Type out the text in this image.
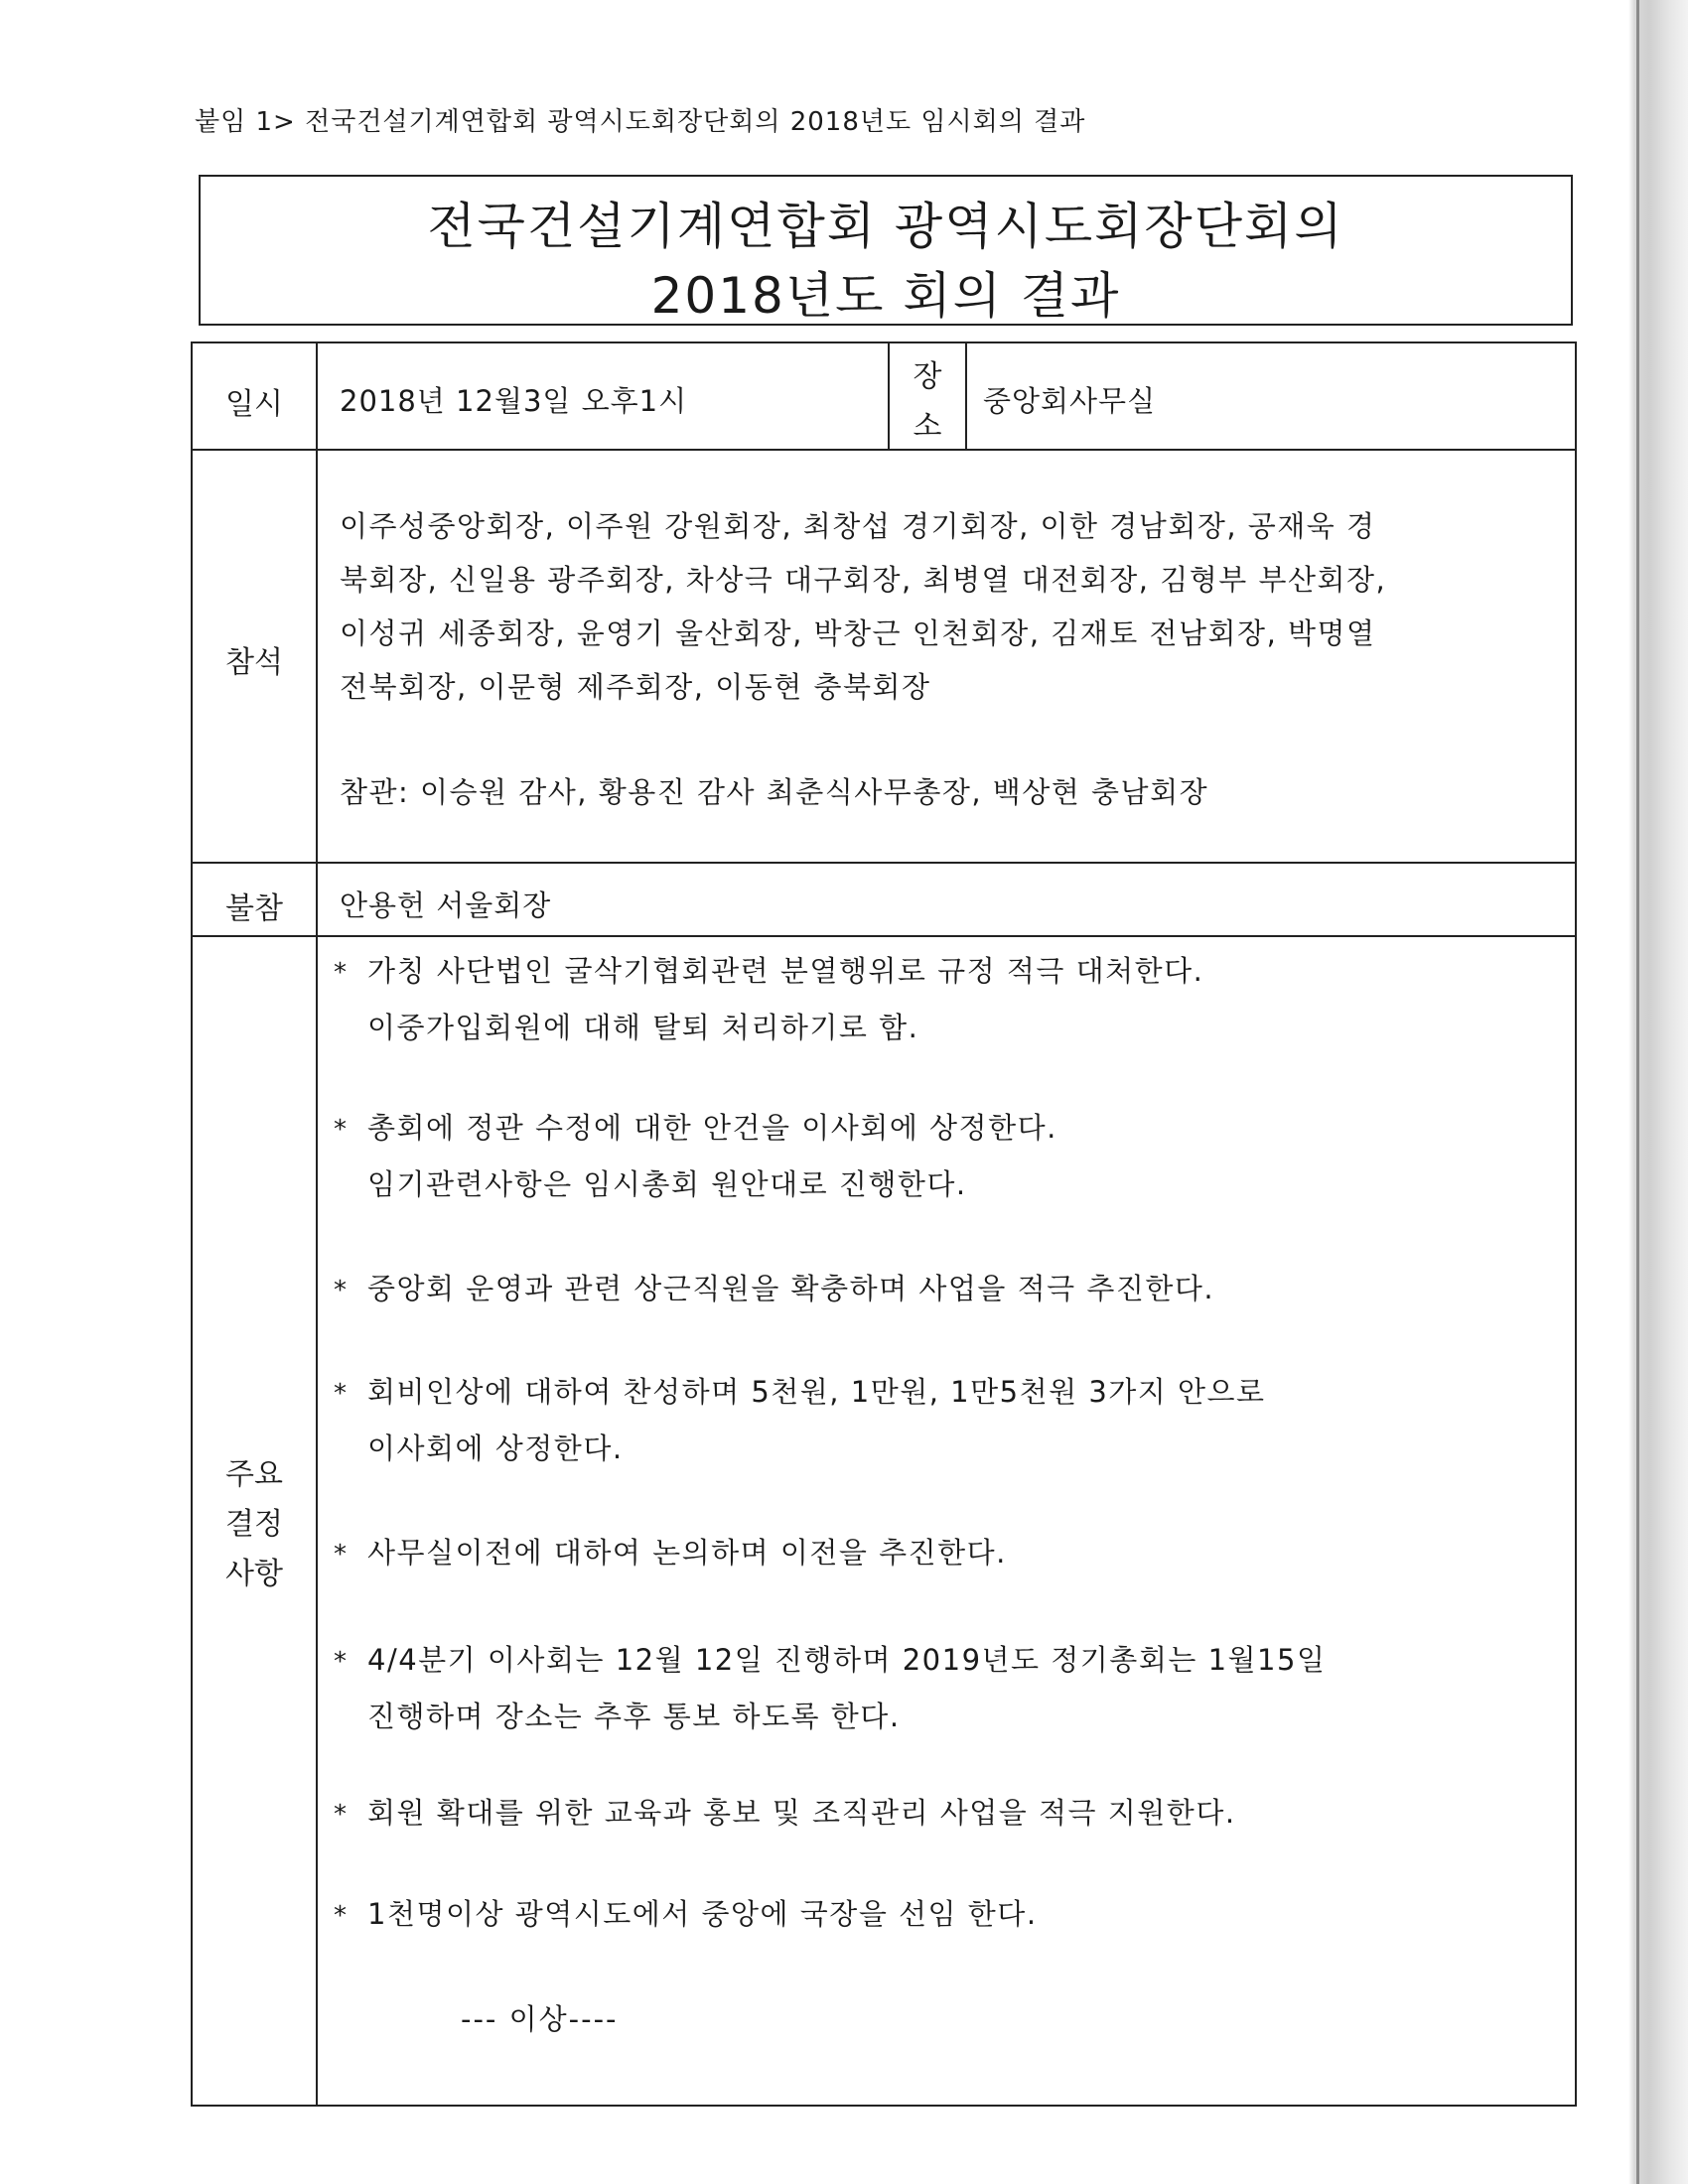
붙임 1> 전국건설기계연합회 광역시도회장단회의 2018년도 임시회의 결과
전국건설기계연합회 광역시도회장단회의
2018년도 회의 결과
일시	2018년 12월3일 오후1시
장
소
중앙회사무실
참석
이주성중앙회장, 이주원 강원회장, 최창섭 경기회장, 이한 경남회장, 공재욱 경
북회장, 신일용 광주회장, 차상극 대구회장, 최병열 대전회장, 김형부 부산회장,
이성귀 세종회장, 윤영기 울산회장, 박창근 인천회장, 김재토 전남회장, 박명열
전북회장, 이문형 제주회장, 이동현 충북회장
참관: 이승원 감사, 황용진 감사 최춘식사무총장, 백상현 충남회장
불참	안용헌 서울회장
주요
결정
사항
* 가칭 사단법인 굴삭기협회관련 분열행위로 규정 적극 대처한다.
이중가입회원에 대해 탈퇴 처리하기로 함.
* 총회에 정관 수정에 대한 안건을 이사회에 상정한다.
임기관련사항은 임시총회 원안대로 진행한다.
* 중앙회 운영과 관련 상근직원을 확충하며 사업을 적극 추진한다.
* 회비인상에 대하여 찬성하며 5천원, 1만원, 1만5천원 3가지 안으로
이사회에 상정한다.
* 사무실이전에 대하여 논의하며 이전을 추진한다.
* 4/4분기 이사회는 12월 12일 진행하며 2019년도 정기총회는 1월15일
진행하며 장소는 추후 통보 하도록 한다.
* 회원 확대를 위한 교육과 홍보 및 조직관리 사업을 적극 지원한다.
* 1천명이상 광역시도에서 중앙에 국장을 선임 한다.
--- 이상----
